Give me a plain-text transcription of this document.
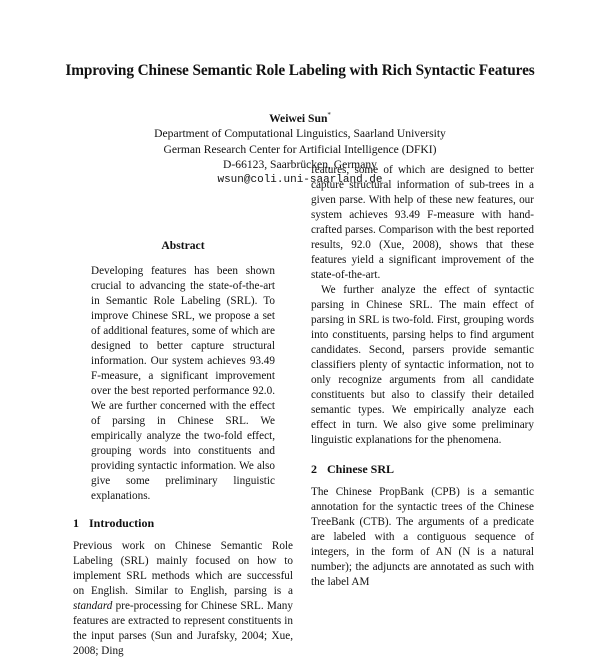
Improving Chinese Semantic Role Labeling with Rich Syntactic Features
Weiwei Sun*
Department of Computational Linguistics, Saarland University
German Research Center for Artificial Intelligence (DFKI)
D-66123, Saarbrücken, Germany
wsun@coli.uni-saarland.de
Abstract

Developing features has been shown crucial to advancing the state-of-the-art in Semantic Role Labeling (SRL). To improve Chinese SRL, we propose a set of additional features, some of which are designed to better capture structural information. Our system achieves 93.49 F-measure, a significant improvement over the best reported performance 92.0. We are further concerned with the effect of parsing in Chinese SRL. We empirically analyze the two-fold effect, grouping words into constituents and providing syntactic information. We also give some preliminary linguistic explanations.

1 Introduction

Previous work on Chinese Semantic Role Labeling (SRL) mainly focused on how to implement SRL methods which are successful on English. Similar to English, parsing is a standard pre-processing for Chinese SRL. Many features are extracted to represent constituents in the input parses (Sun and Jurafsky, 2004; Xue, 2008; Ding

features, some of which are designed to better capture structural information of sub-trees in a given parse. With help of these new features, our system achieves 93.49 F-measure with hand-crafted parses. Comparison with the best reported results, 92.0 (Xue, 2008), shows that these features yield a significant improvement of the state-of-the-art.

We further analyze the effect of syntactic parsing in Chinese SRL. The main effect of parsing in SRL is two-fold. First, grouping words into constituents, parsing helps to find argument candidates. Second, parsers provide semantic classifiers plenty of syntactic information, not to only recognize arguments from all candidate constituents but also to classify their detailed semantic types. We empirically analyze each effect in turn. We also give some preliminary linguistic explanations for the phenomena.

2 Chinese SRL

The Chinese PropBank (CPB) is a semantic annotation for the syntactic trees of the Chinese TreeBank (CTB). The arguments of a predicate are labeled with a contiguous sequence of integers, in the form of AN (N is a natural number); the adjuncts are annotated as such with the label AM
